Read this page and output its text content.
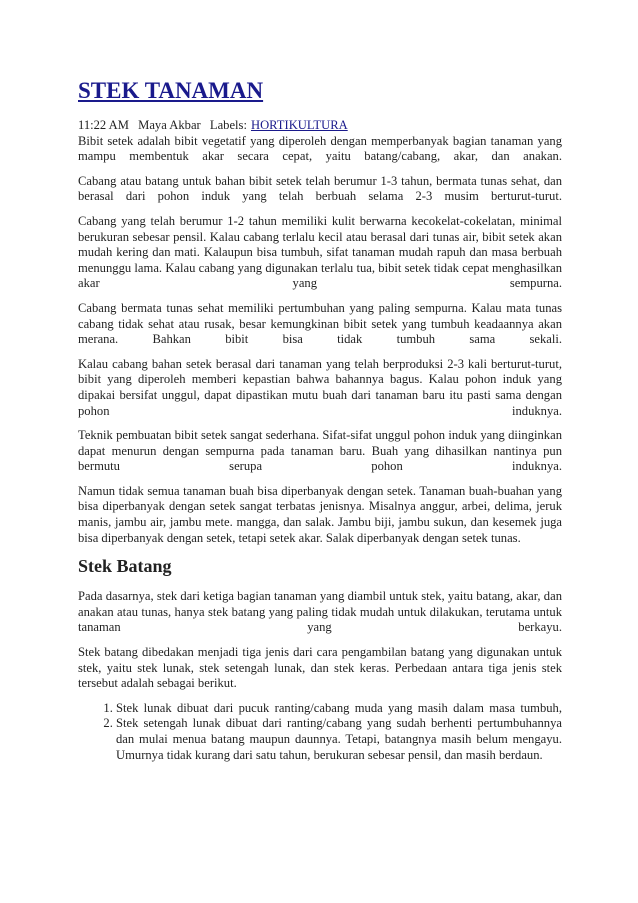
STEK TANAMAN
11:22 AM Maya Akbar Labels: HORTIKULTURA

Bibit setek adalah bibit vegetatif yang diperoleh dengan memperbanyak bagian tanaman yang mampu membentuk akar secara cepat, yaitu batang/cabang, akar, dan anakan.

Cabang atau batang untuk bahan bibit setek telah berumur 1-3 tahun, bermata tunas sehat, dan berasal dari pohon induk yang telah berbuah selama 2-3 musim berturut-turut.

Cabang yang telah berumur 1-2 tahun memiliki kulit berwarna kecokelat-cokelatan, minimal berukuran sebesar pensil. Kalau cabang terlalu kecil atau berasal dari tunas air, bibit setek akan mudah kering dan mati. Kalaupun bisa tumbuh, sifat tanaman mudah rapuh dan masa berbuah menunggu lama. Kalau cabang yang digunakan terlalu tua, bibit setek tidak cepat menghasilkan akar yang sempurna.

Cabang bermata tunas sehat memiliki pertumbuhan yang paling sempurna. Kalau mata tunas cabang tidak sehat atau rusak, besar kemungkinan bibit setek yang tumbuh keadaannya akan merana. Bahkan bibit bisa tidak tumbuh sama sekali.

Kalau cabang bahan setek berasal dari tanaman yang telah berproduksi 2-3 kali berturut-turut, bibit yang diperoleh memberi kepastian bahwa bahannya bagus. Kalau pohon induk yang dipakai bersifat unggul, dapat dipastikan mutu buah dari tanaman baru itu pasti sama dengan pohon induknya.

Teknik pembuatan bibit setek sangat sederhana. Sifat-sifat unggul pohon induk yang diinginkan dapat menurun dengan sempurna pada tanaman baru. Buah yang dihasilkan nantinya pun bermutu serupa pohon induknya.

Namun tidak semua tanaman buah bisa diperbanyak dengan setek. Tanaman buah-buahan yang bisa diperbanyak dengan setek sangat terbatas jenisnya. Misalnya anggur, arbei, delima, jeruk manis, jambu air, jambu mete. mangga, dan salak. Jambu biji, jambu sukun, dan kesemek juga bisa diperbanyak dengan setek, tetapi setek akar. Salak diperbanyak dengan setek tunas.

Stek Batang

Pada dasarnya, stek dari ketiga bagian tanaman yang diambil untuk stek, yaitu batang, akar, dan anakan atau tunas, hanya stek batang yang paling tidak mudah untuk dilakukan, terutama untuk tanaman yang berkayu.

Stek batang dibedakan menjadi tiga jenis dari cara pengambilan batang yang digunakan untuk stek, yaitu stek lunak, stek setengah lunak, dan stek keras. Perbedaan antara tiga jenis stek tersebut adalah sebagai berikut.

1. Stek lunak dibuat dari pucuk ranting/cabang muda yang masih dalam masa tumbuh,
2. Stek setengah lunak dibuat dari ranting/cabang yang sudah berhenti pertumbuhannya dan mulai menua batang maupun daunnya. Tetapi, batangnya masih belum mengayu. Umurnya tidak kurang dari satu tahun, berukuran sebesar pensil, dan masih berdaun.
